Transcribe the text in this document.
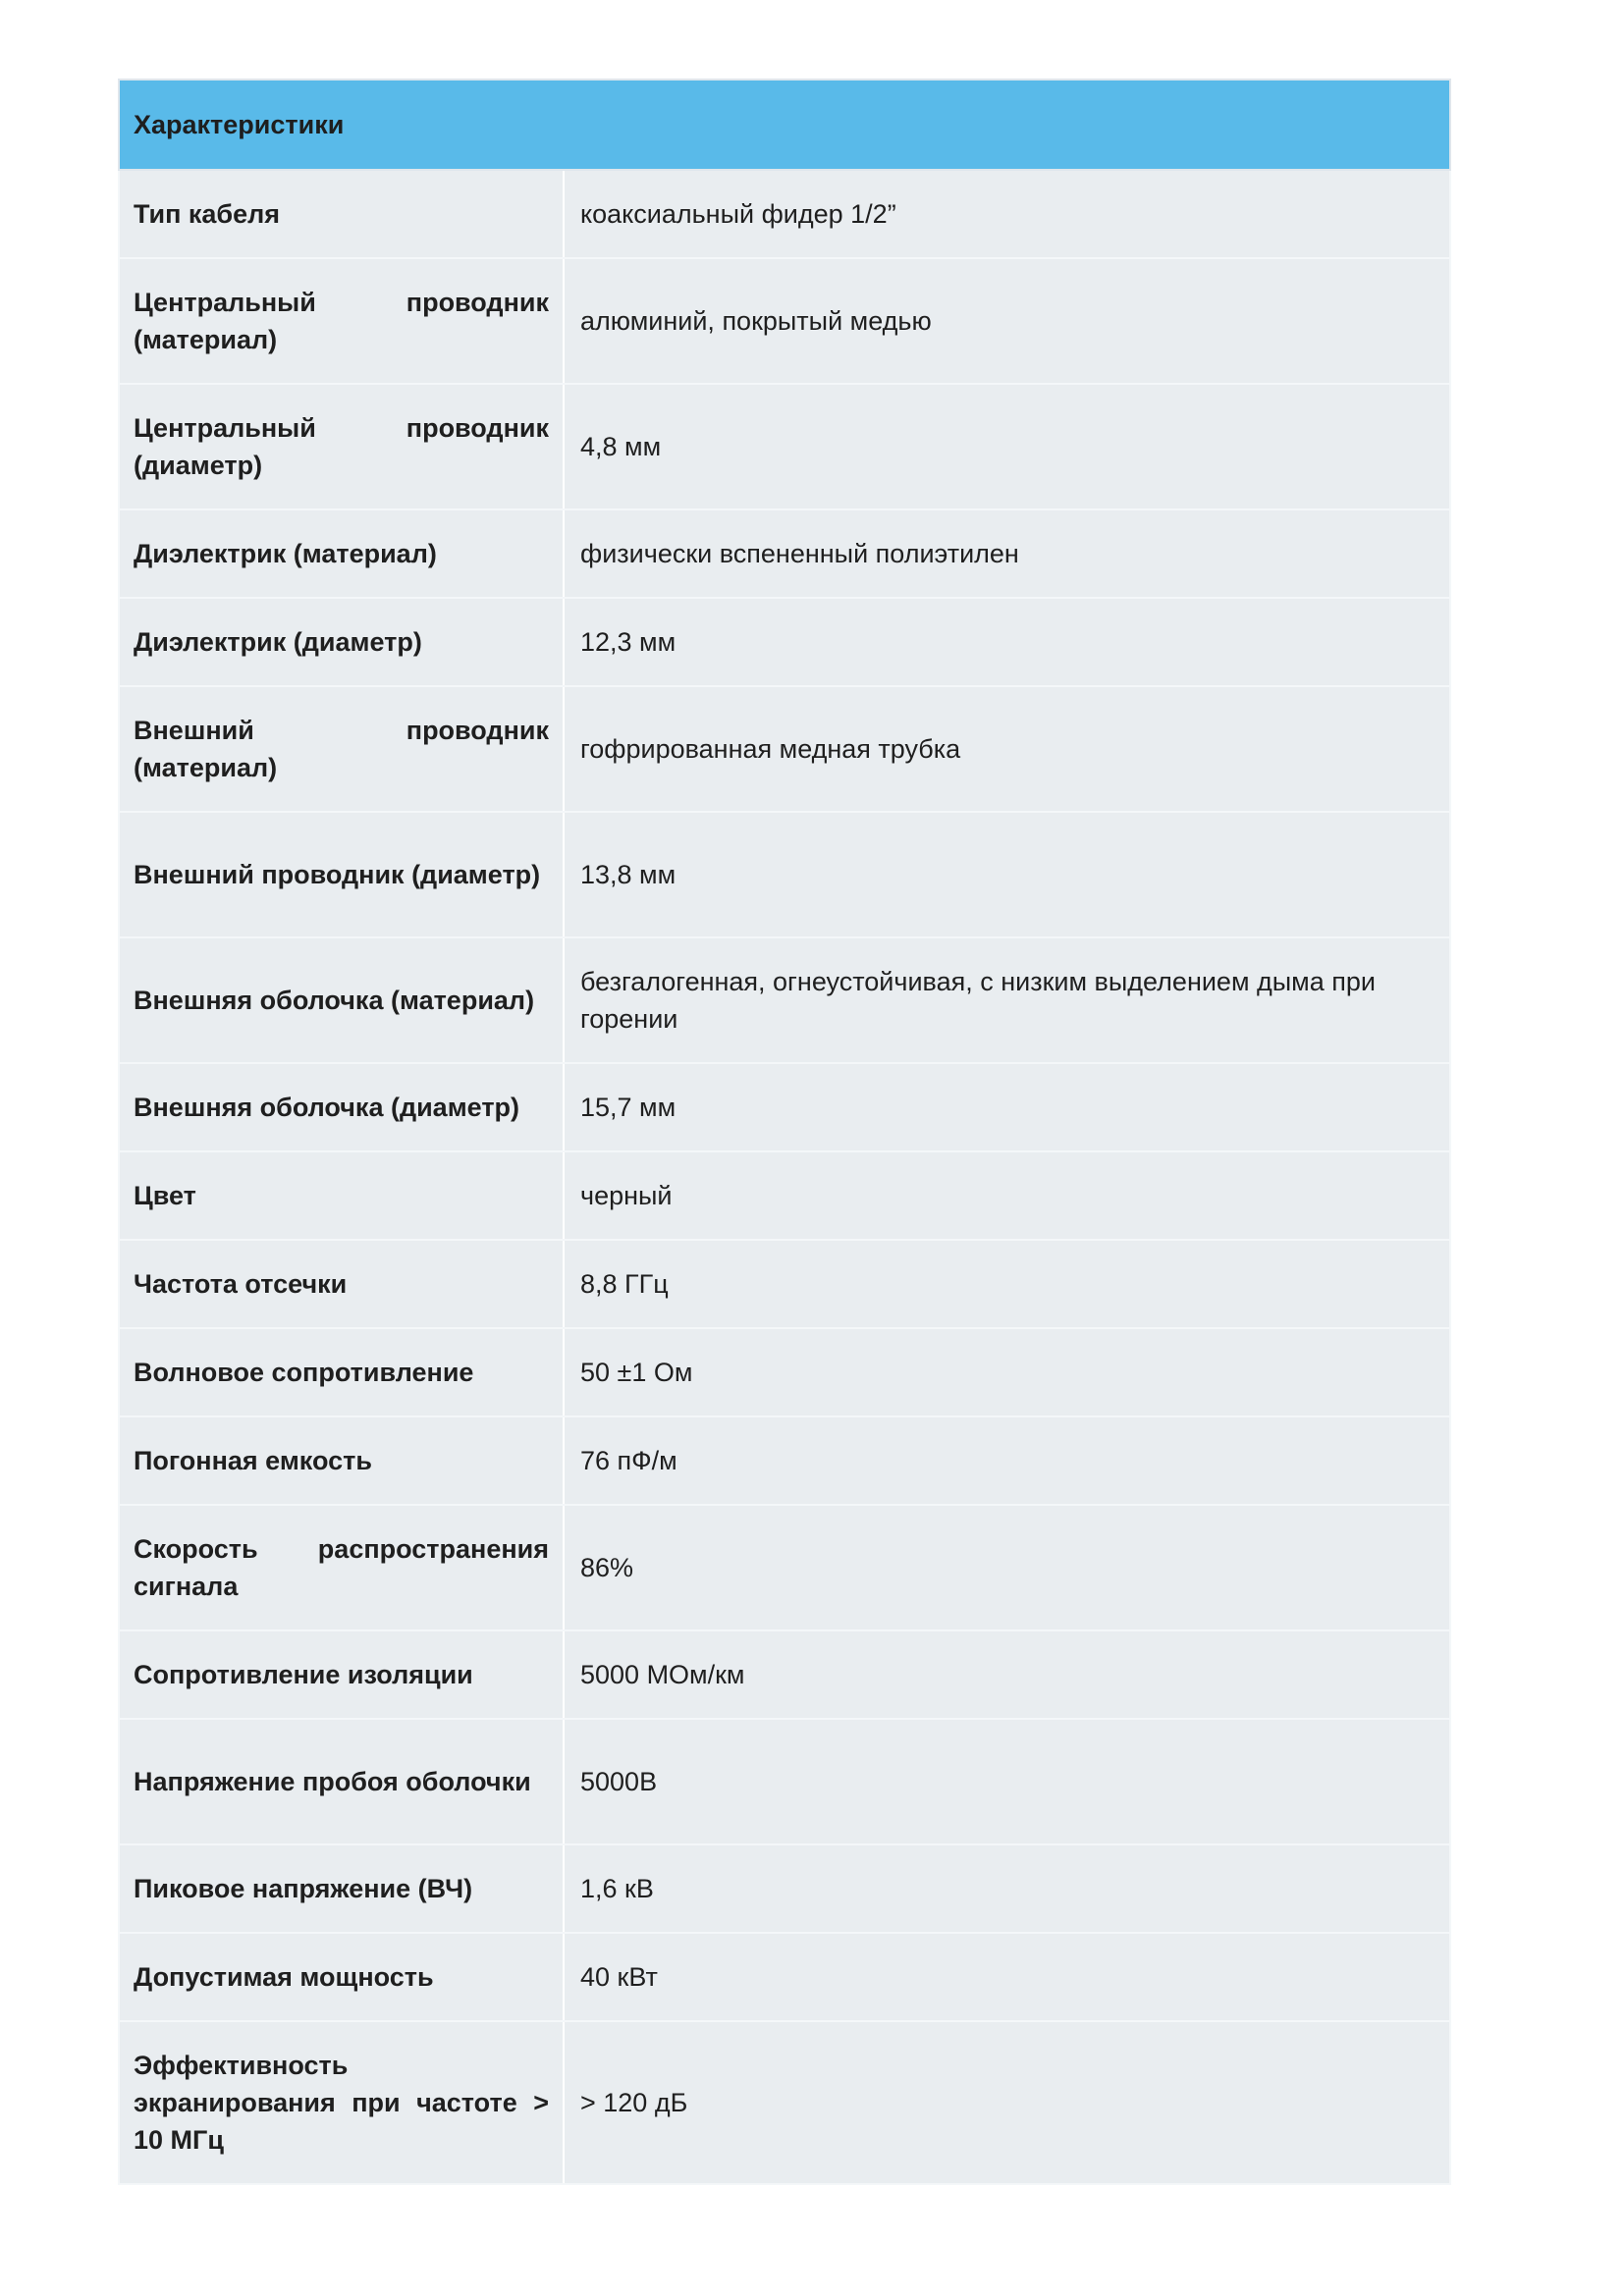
Характеристики	
Тип кабеля	коаксиальный фидер 1/2”
Центральный проводник (материал)	алюминий, покрытый медью
Центральный проводник (диаметр)	4,8 мм
Диэлектрик (материал)	физически вспененный полиэтилен
Диэлектрик (диаметр)	12,3 мм
Внешний проводник (материал)	гофрированная медная трубка
Внешний проводник (диаметр)	13,8 мм
Внешняя оболочка (материал)	безгалогенная, огнеустойчивая, с низким выделением дыма при горении
Внешняя оболочка (диаметр)	15,7 мм
Цвет	черный
Частота отсечки	8,8 ГГц
Волновое сопротивление	50 ±1 Ом
Погонная емкость	76 пФ/м
Скорость распространения сигнала	86%
Сопротивление изоляции	5000 МОм/км
Напряжение пробоя оболочки	5000В
Пиковое напряжение (ВЧ)	1,6 кВ
Допустимая мощность	40 кВт
Эффективность экранирования при частоте > 10 МГц	> 120 дБ
